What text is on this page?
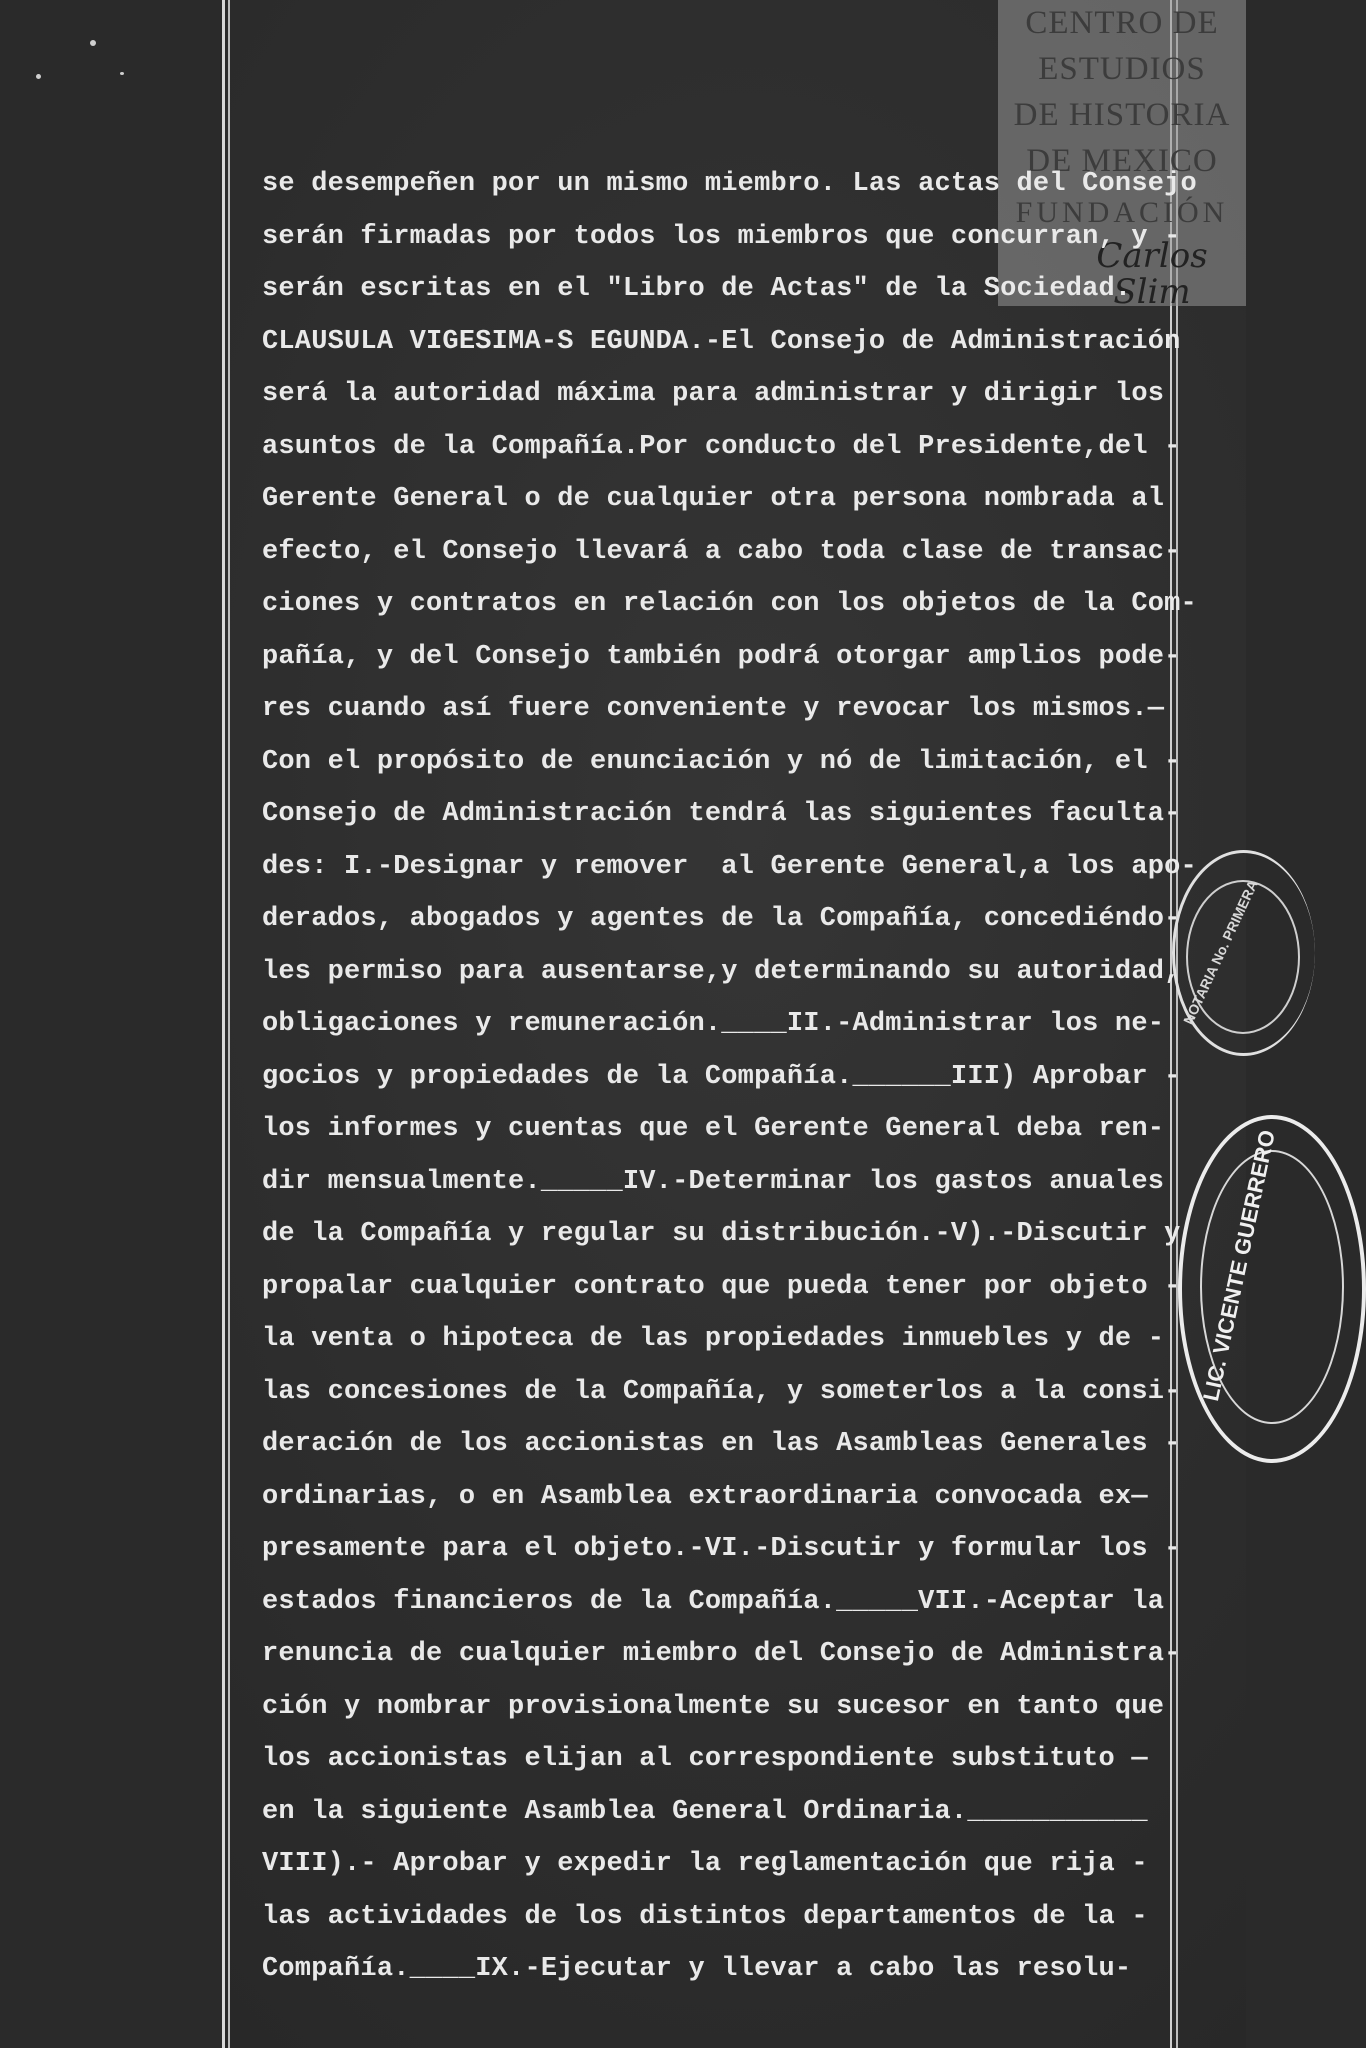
CENTRO DE
ESTUDIOS
DE HISTORIA
DE MEXICO
FUNDACIÓN
Carlos Slim
NOTARIA No. PRIMERA
LIC. VICENTE GUERRERO
se desempeñen por un mismo miembro. Las actas del Consejo
serán firmadas por todos los miembros que concurran, y -
serán escritas en el "Libro de Actas" de la Sociedad.
CLAUSULA VIGESIMA-S EGUNDA.-El Consejo de Administración
será la autoridad máxima para administrar y dirigir los
asuntos de la Compañía.Por conducto del Presidente,del -
Gerente General o de cualquier otra persona nombrada al
efecto, el Consejo llevará a cabo toda clase de transac-
ciones y contratos en relación con los objetos de la Com-
pañía, y del Consejo también podrá otorgar amplios pode-
res cuando así fuere conveniente y revocar los mismos.—
Con el propósito de enunciación y nó de limitación, el -
Consejo de Administración tendrá las siguientes faculta-
des: I.-Designar y remover  al Gerente General,a los apo-
derados, abogados y agentes de la Compañía, concediéndo-
les permiso para ausentarse,y determinando su autoridad,
obligaciones y remuneración.____II.-Administrar los ne-
gocios y propiedades de la Compañía.______III) Aprobar -
los informes y cuentas que el Gerente General deba ren-
dir mensualmente._____IV.-Determinar los gastos anuales
de la Compañía y regular su distribución.-V).-Discutir y
propalar cualquier contrato que pueda tener por objeto -
la venta o hipoteca de las propiedades inmuebles y de -
las concesiones de la Compañía, y someterlos a la consi-
deración de los accionistas en las Asambleas Generales -
ordinarias, o en Asamblea extraordinaria convocada ex—
presamente para el objeto.-VI.-Discutir y formular los -
estados financieros de la Compañía._____VII.-Aceptar la
renuncia de cualquier miembro del Consejo de Administra-
ción y nombrar provisionalmente su sucesor en tanto que
los accionistas elijan al correspondiente substituto —
en la siguiente Asamblea General Ordinaria.___________
VIII).- Aprobar y expedir la reglamentación que rija -
las actividades de los distintos departamentos de la -
Compañía.____IX.-Ejecutar y llevar a cabo las resolu-
